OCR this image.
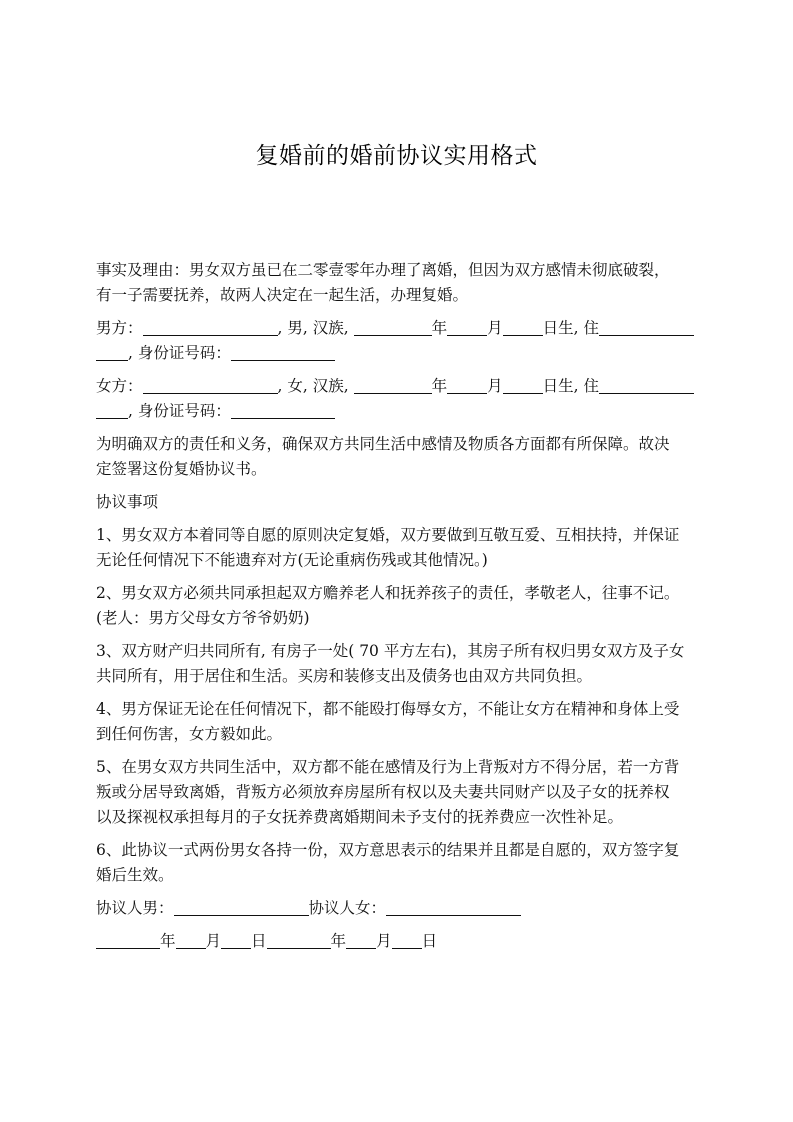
复婚前的婚前协议实用格式

事实及理由：男女双方虽已在二零壹零年办理了离婚，但因为双方感情未彻底破裂，
有一子需要抚养，故两人决定在一起生活，办理复婚。

男方：	, 男, 汉族,	年	月	日生, 住
, 身份证号码：

女方：	, 女, 汉族,	年	月	日生, 住
, 身份证号码：

为明确双方的责任和义务，确保双方共同生活中感情及物质各方面都有所保障。故决
定签署这份复婚协议书。

协议事项

1、男女双方本着同等自愿的原则决定复婚，双方要做到互敬互爱、互相扶持，并保证
无论任何情况下不能遗弃对方(无论重病伤残或其他情况。)

2、男女双方必须共同承担起双方赡养老人和抚养孩子的责任，孝敬老人，往事不记。
(老人：男方父母女方爷爷奶奶)

3、双方财产归共同所有, 有房子一处( 70 平方左右)，其房子所有权归男女双方及子女
共同所有，用于居住和生活。买房和装修支出及债务也由双方共同负担。

4、男方保证无论在任何情况下，都不能殴打侮辱女方，不能让女方在精神和身体上受
到任何伤害，女方毅如此。

5、在男女双方共同生活中，双方都不能在感情及行为上背叛对方不得分居，若一方背
叛或分居导致离婚，背叛方必须放弃房屋所有权以及夫妻共同财产以及子女的抚养权
以及探视权承担每月的子女抚养费离婚期间未予支付的抚养费应一次性补足。

6、此协议一式两份男女各持一份，双方意思表示的结果并且都是自愿的，双方签字复
婚后生效。

协议人男：	协议人女：

年 月 日	年 月 日
